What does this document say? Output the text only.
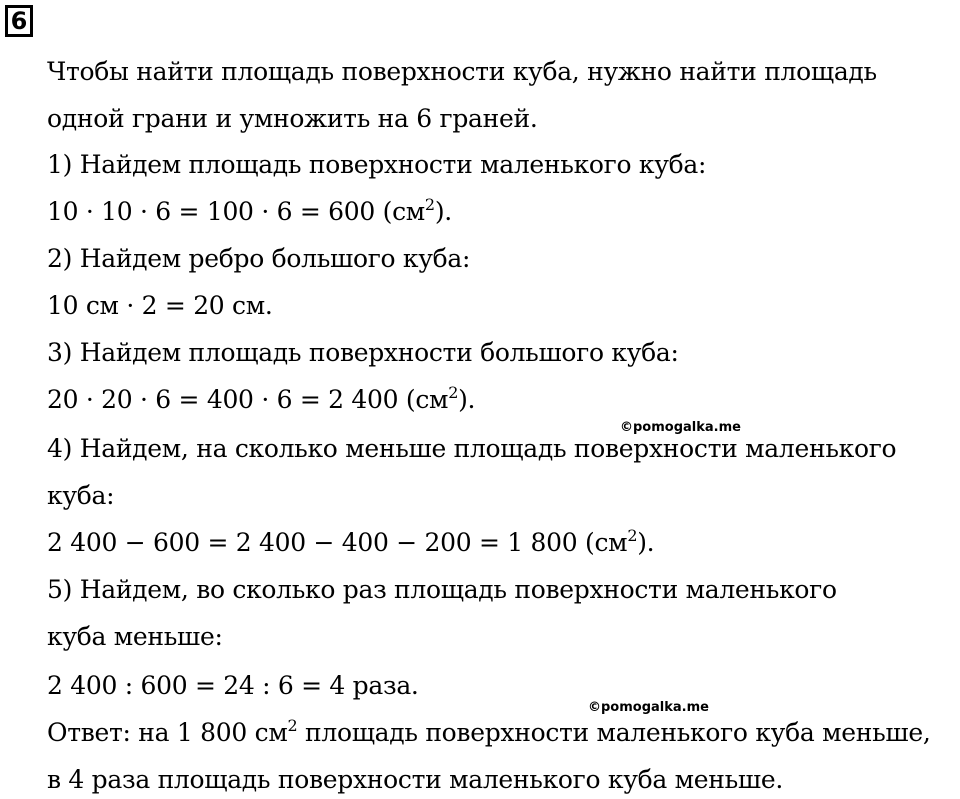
6
Чтобы найти площадь поверхности куба, нужно найти площадь
одной грани и умножить на 6 граней.
1) Найдем площадь поверхности маленького куба:
10 · 10 · 6 = 100 · 6 = 600 $(см^2)$.
2) Найдем ребро большого куба:
10 см · 2 = 20 см.
3) Найдем площадь поверхности большого куба:
20 · 20 · 6 = 400 · 6 = 2 400 $(см^2)$.
4) Найдем, на сколько меньше площадь поверхности маленького
куба:
2 400 − 600 = 2 400 − 400 − 200 = 1 800 $(см^2)$.
5) Найдем, во сколько раз площадь поверхности маленького
куба меньше:
2 400 : 600 = 24 : 6 = 4 раза.
Ответ: на 1 800 $см^2$ площадь поверхности маленького куба меньше,
в 4 раза площадь поверхности маленького куба меньше.
©pomogalka.me
©pomogalka.me
